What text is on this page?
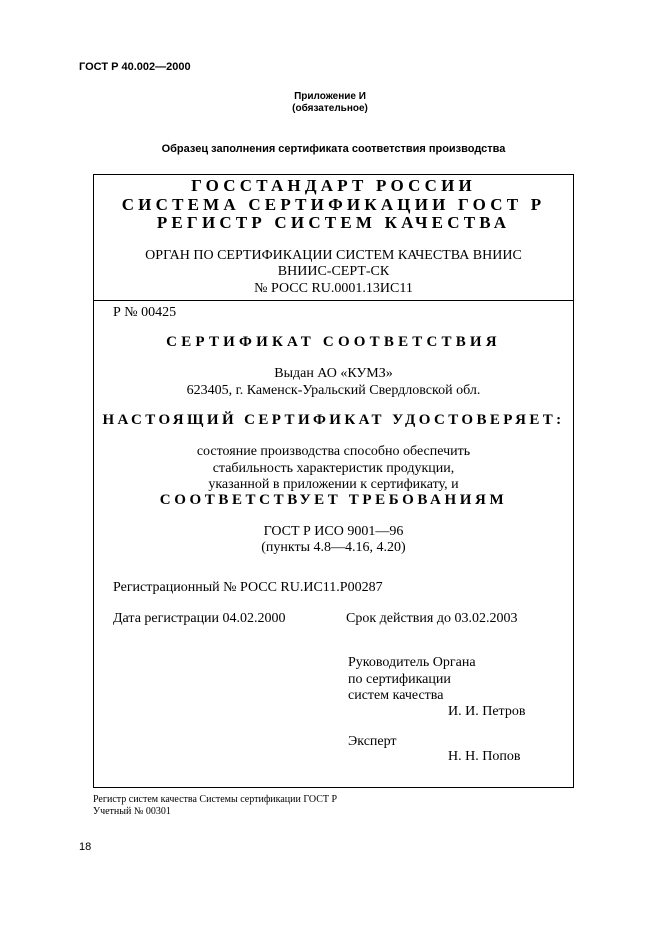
ГОСТ Р 40.002—2000
Приложение И
(обязательное)
Образец заполнения сертификата соответствия производства
ГОССТАНДАРТ РОССИИ
СИСТЕМА СЕРТИФИКАЦИИ ГОСТ Р
РЕГИСТР СИСТЕМ КАЧЕСТВА
ОРГАН ПО СЕРТИФИКАЦИИ СИСТЕМ КАЧЕСТВА ВНИИС
ВНИИС-СЕРТ-СК
№ РОСС RU.0001.13ИС11
Р № 00425
СЕРТИФИКАТ СООТВЕТСТВИЯ
Выдан АО «КУМЗ»
623405, г. Каменск-Уральский Свердловской обл.
НАСТОЯЩИЙ СЕРТИФИКАТ УДОСТОВЕРЯЕТ:
состояние производства способно обеспечить
стабильность характеристик продукции,
указанной в приложении к сертификату, и
СООТВЕТСТВУЕТ ТРЕБОВАНИЯМ
ГОСТ Р ИСО 9001—96
(пункты 4.8—4.16, 4.20)
Регистрационный № РОСС RU.ИС11.P00287
Дата регистрации 04.02.2000	Срок действия до 03.02.2003
Руководитель Органа
по сертификации
систем качества
И. И. Петров
Эксперт
Н. Н. Попов
Регистр систем качества Системы сертификации ГОСТ Р
Учетный № 00301
18
